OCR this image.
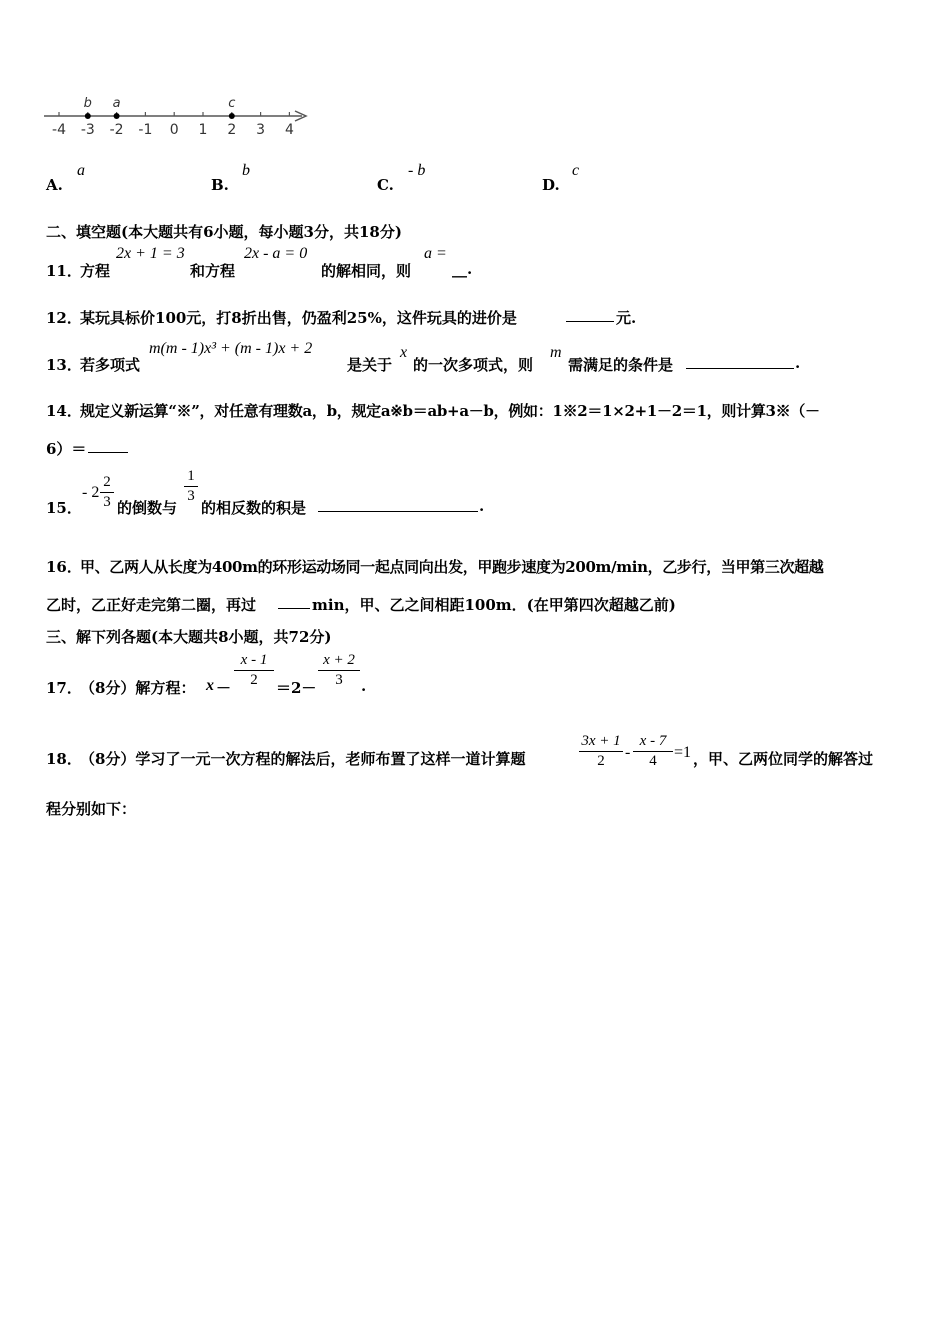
-4 -3 -2 -1 0 1 2 3 4
b a	c
A.
a
B.
b
C.
- b
D.
c
二、填空题(本大题共有6小题，每小题3分，共18分)
11．
方程
2x + 1 = 3
和方程
2x - a = 0
的解相同，则
a =
__.
12．
某玩具标价100元，打8折出售，仍盈利25%，这件玩具的进价是	元.
13．
若多项式
m(m - 1)x³ + (m - 1)x + 2
是关于
x
的一次多项式，则
m
需满足的条件是	.
14．
规定义新运算“※”，对任意有理数a，b，规定a※b＝ab+a－b，例如：1※2＝1×2+1－2＝1，则计算3※（－
6）＝
15．
- 2
2
3 的倒数与
1
3
的相反数的积是	.
16．
甲、乙两人从长度为400m的环形运动场同一起点同向出发，甲跑步速度为200m/min，乙步行，当甲第三次超越
乙时，乙正好走完第二圈，再过	min，甲、乙之间相距100m．(在甲第四次超越乙前)
三、解下列各题(本大题共8小题，共72分)
17．
（8分）解方程： x －
x - 1
2	＝2－
x + 2
3	.
18．
（8分）学习了一元一次方程的解法后，老师布置了这样一道计算题
3x + 1
2	-
x - 7
4	=1 ，甲、乙两位同学的解答过
程分别如下：
